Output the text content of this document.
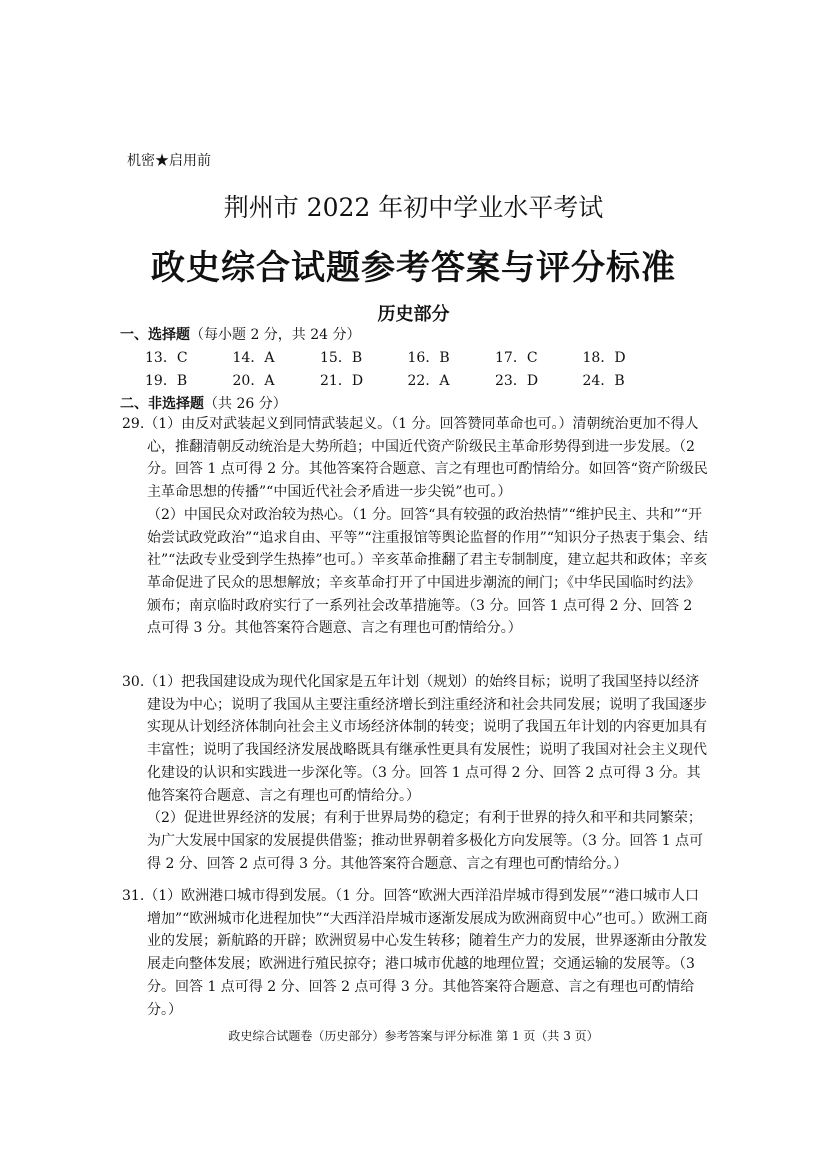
机密★启用前
荆州市 2022 年初中学业水平考试
政史综合试题参考答案与评分标准
历史部分
一、选择题（每小题 2 分，共 24 分）
13．C	14．A	15．B	16．B	17．C	18．D
19．B	20．A	21．D	22．A	23．D	24．B
二、非选择题（共 26 分）

29.（1）由反对武装起义到同情武装起义。（1 分。回答赞同革命也可。）清朝统治更加不得人心，推翻清朝反动统治是大势所趋；中国近代资产阶级民主革命形势得到进一步发展。（2 分。回答 1 点可得 2 分。其他答案符合题意、言之有理也可酌情给分。如回答“资产阶级民主革命思想的传播”“中国近代社会矛盾进一步尖锐”也可。）

（2）中国民众对政治较为热心。（1 分。回答“具有较强的政治热情”“维护民主、共和”“开始尝试政党政治”“追求自由、平等”“注重报馆等舆论监督的作用”“知识分子热衷于集会、结社”“法政专业受到学生热捧”也可。）辛亥革命推翻了君主专制制度，建立起共和政体；辛亥革命促进了民众的思想解放；辛亥革命打开了中国进步潮流的闸门；《中华民国临时约法》颁布；南京临时政府实行了一系列社会改革措施等。（3 分。回答 1 点可得 2 分、回答 2 点可得 3 分。其他答案符合题意、言之有理也可酌情给分。）

30.（1）把我国建设成为现代化国家是五年计划（规划）的始终目标；说明了我国坚持以经济建设为中心；说明了我国从主要注重经济增长到注重经济和社会共同发展；说明了我国逐步实现从计划经济体制向社会主义市场经济体制的转变；说明了我国五年计划的内容更加具有丰富性；说明了我国经济发展战略既具有继承性更具有发展性；说明了我国对社会主义现代化建设的认识和实践进一步深化等。（3 分。回答 1 点可得 2 分、回答 2 点可得 3 分。其他答案符合题意、言之有理也可酌情给分。）

（2）促进世界经济的发展；有利于世界局势的稳定；有利于世界的持久和平和共同繁荣；为广大发展中国家的发展提供借鉴；推动世界朝着多极化方向发展等。（3 分。回答 1 点可得 2 分、回答 2 点可得 3 分。其他答案符合题意、言之有理也可酌情给分。）

31.（1）欧洲港口城市得到发展。（1 分。回答“欧洲大西洋沿岸城市得到发展”“港口城市人口增加”“欧洲城市化进程加快”“大西洋沿岸城市逐渐发展成为欧洲商贸中心”也可。）欧洲工商业的发展；新航路的开辟；欧洲贸易中心发生转移；随着生产力的发展，世界逐渐由分散发展走向整体发展；欧洲进行殖民掠夺；港口城市优越的地理位置；交通运输的发展等。（3 分。回答 1 点可得 2 分、回答 2 点可得 3 分。其他答案符合题意、言之有理也可酌情给分。）

政史综合试题卷（历史部分）参考答案与评分标准 第 1 页（共 3 页）
